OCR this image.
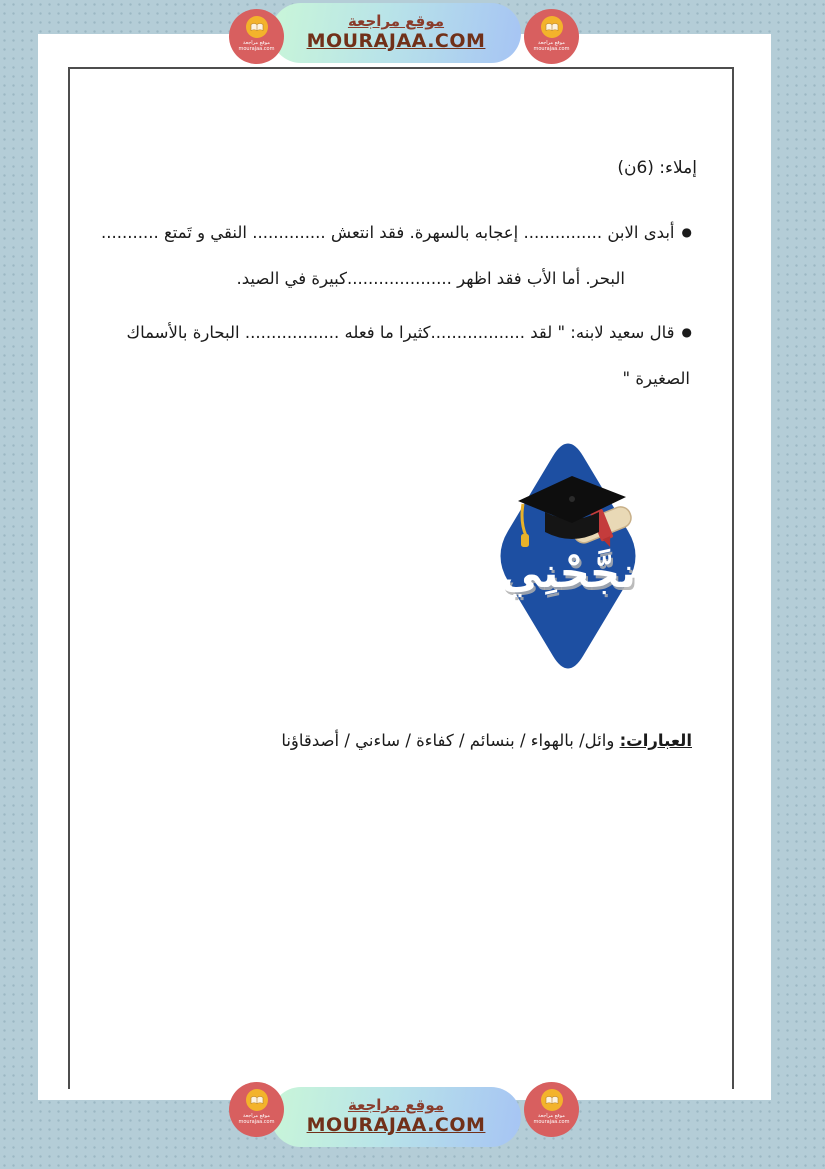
موقع مراجعة
mourajaa.com
موقع مراجعة
mourajaa.com
موقع مراجعة
MOURAJAA.COM
إملاء: (6ن)
●أبدى الابن ............... إعجابه بالسهرة. فقد انتعش .............. النقي و تَمتع ...........
البحر. أما الأب فقد اظهر ....................كبيرة في الصيد.
●قال سعيد لابنه: " لقد ..................كثيرا ما فعله .................. البحارة بالأسماك
الصغيرة "
نجَّحْنِي
العبارات: وائل/ بالهواء / بنسائم / كفاءة / ساءني / أصدقاؤنا
موقع مراجعة
mourajaa.com
موقع مراجعة
mourajaa.com
موقع مراجعة
MOURAJAA.COM
